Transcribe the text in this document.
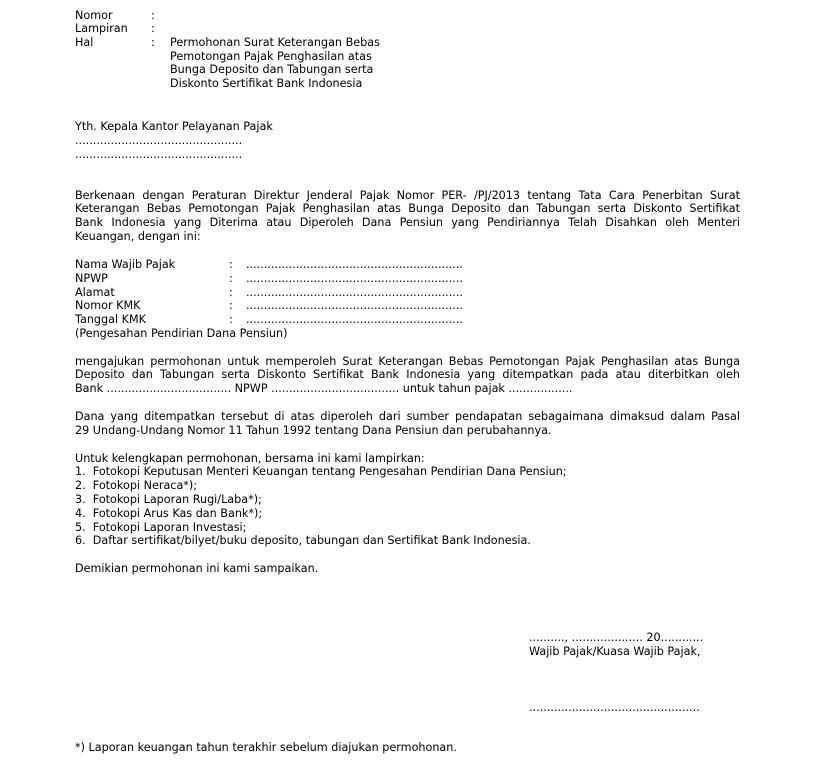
Nomor	:
Lampiran :
Hal	: Permohonan Surat Keterangan Bebas
Pemotongan Pajak Penghasilan atas
Bunga Deposito dan Tabungan serta
Diskonto Sertifikat Bank Indonesia
Yth. Kepala Kantor Pelayanan Pajak
...............................................
...............................................
Berkenaan dengan Peraturan Direktur Jenderal Pajak Nomor PER- /PJ/2013 tentang Tata Cara Penerbitan Surat
Keterangan Bebas Pemotongan Pajak Penghasilan atas Bunga Deposito dan Tabungan serta Diskonto Sertifikat
Bank Indonesia yang Diterima atau Diperoleh Dana Pensiun yang Pendiriannya Telah Disahkan oleh Menteri
Keuangan, dengan ini:
Nama Wajib Pajak	: .............................................................
NPWP	: .............................................................
Alamat	: .............................................................
Nomor KMK	: .............................................................
Tanggal KMK	: .............................................................
(Pengesahan Pendirian Dana Pensiun)
mengajukan permohonan untuk memperoleh Surat Keterangan Bebas Pemotongan Pajak Penghasilan atas Bunga
Deposito dan Tabungan serta Diskonto Sertifikat Bank Indonesia yang ditempatkan pada atau diterbitkan oleh
Bank ................................... NPWP .................................... untuk tahun pajak ..................
Dana yang ditempatkan tersebut di atas diperoleh dari sumber pendapatan sebagaimana dimaksud dalam Pasal
29 Undang-Undang Nomor 11 Tahun 1992 tentang Dana Pensiun dan perubahannya.
Untuk kelengkapan permohonan, bersama ini kami lampirkan:
1.  Fotokopi Keputusan Menteri Keuangan tentang Pengesahan Pendirian Dana Pensiun;
2.  Fotokopi Neraca*);
3.  Fotokopi Laporan Rugi/Laba*);
4.  Fotokopi Arus Kas dan Bank*);
5.  Fotokopi Laporan Investasi;
6.  Daftar sertifikat/bilyet/buku deposito, tabungan dan Sertifikat Bank Indonesia.
Demikian permohonan ini kami sampaikan.
.........., .................... 20............
Wajib Pajak/Kuasa Wajib Pajak,
................................................
*) Laporan keuangan tahun terakhir sebelum diajukan permohonan.
